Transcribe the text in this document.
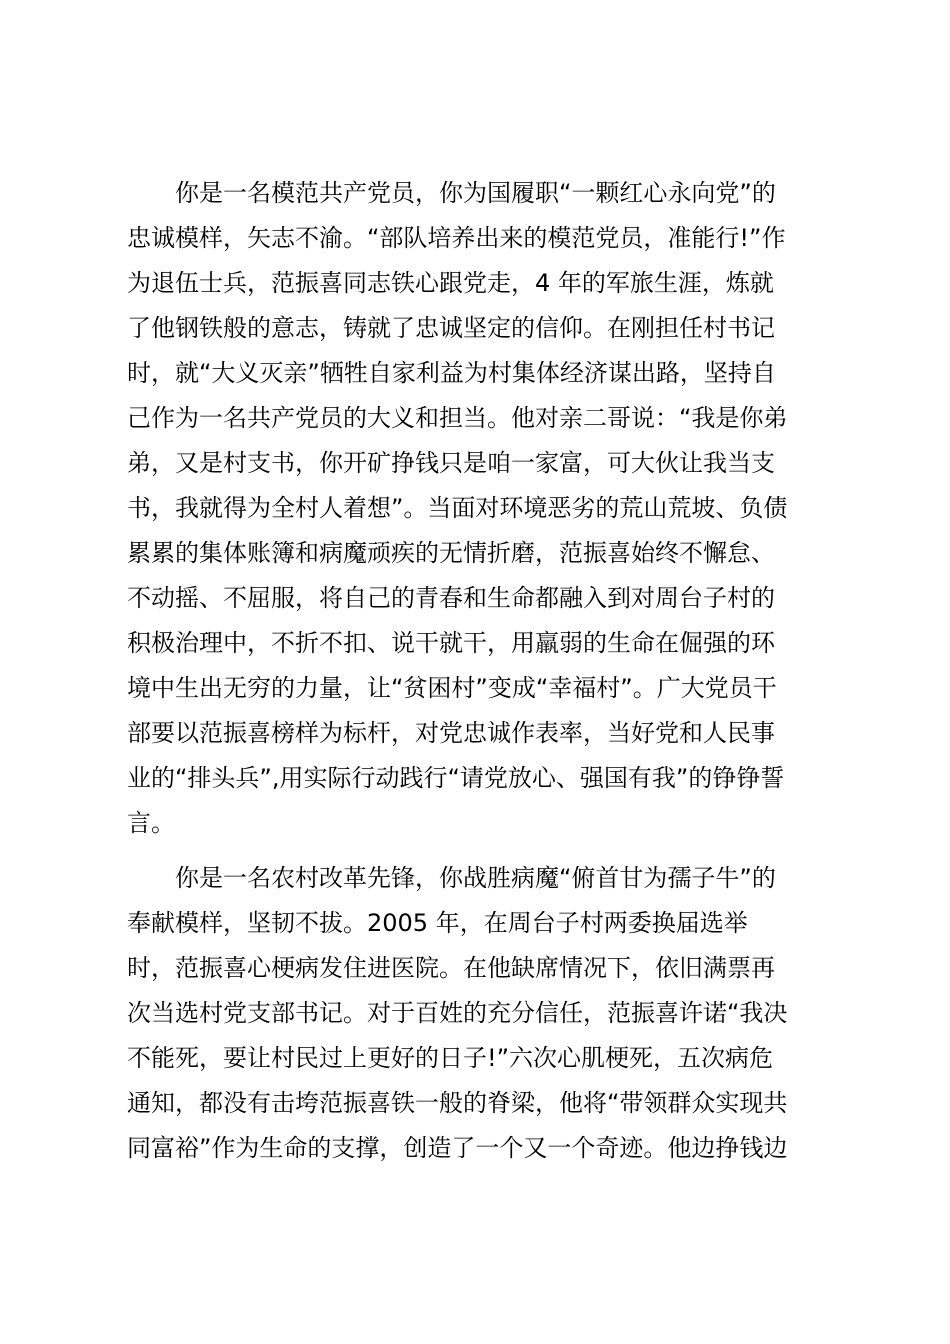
你是一名模范共产党员，你为国履职“一颗红心永向党”的
忠诚模样，矢志不渝。“部队培养出来的模范党员，准能行!”作
为退伍士兵，范振喜同志铁心跟党走，4 年的军旅生涯，炼就
了他钢铁般的意志，铸就了忠诚坚定的信仰。在刚担任村书记
时，就“大义灭亲”牺牲自家利益为村集体经济谋出路，坚持自
己作为一名共产党员的大义和担当。他对亲二哥说：“我是你弟
弟，又是村支书，你开矿挣钱只是咱一家富，可大伙让我当支
书，我就得为全村人着想”。当面对环境恶劣的荒山荒坡、负债
累累的集体账簿和病魔顽疾的无情折磨，范振喜始终不懈怠、
不动摇、不屈服，将自己的青春和生命都融入到对周台子村的
积极治理中，不折不扣、说干就干，用羸弱的生命在倔强的环
境中生出无穷的力量，让“贫困村”变成“幸福村”。广大党员干
部要以范振喜榜样为标杆，对党忠诚作表率，当好党和人民事
业的“排头兵”,用实际行动践行“请党放心、强国有我”的铮铮誓
言。
你是一名农村改革先锋，你战胜病魔“俯首甘为孺子牛”的
奉献模样，坚韧不拔。2005 年，在周台子村两委换届选举
时，范振喜心梗病发住进医院。在他缺席情况下，依旧满票再
次当选村党支部书记。对于百姓的充分信任，范振喜许诺“我决
不能死，要让村民过上更好的日子!”六次心肌梗死，五次病危
通知，都没有击垮范振喜铁一般的脊梁，他将“带领群众实现共
同富裕”作为生命的支撑，创造了一个又一个奇迹。他边挣钱边
